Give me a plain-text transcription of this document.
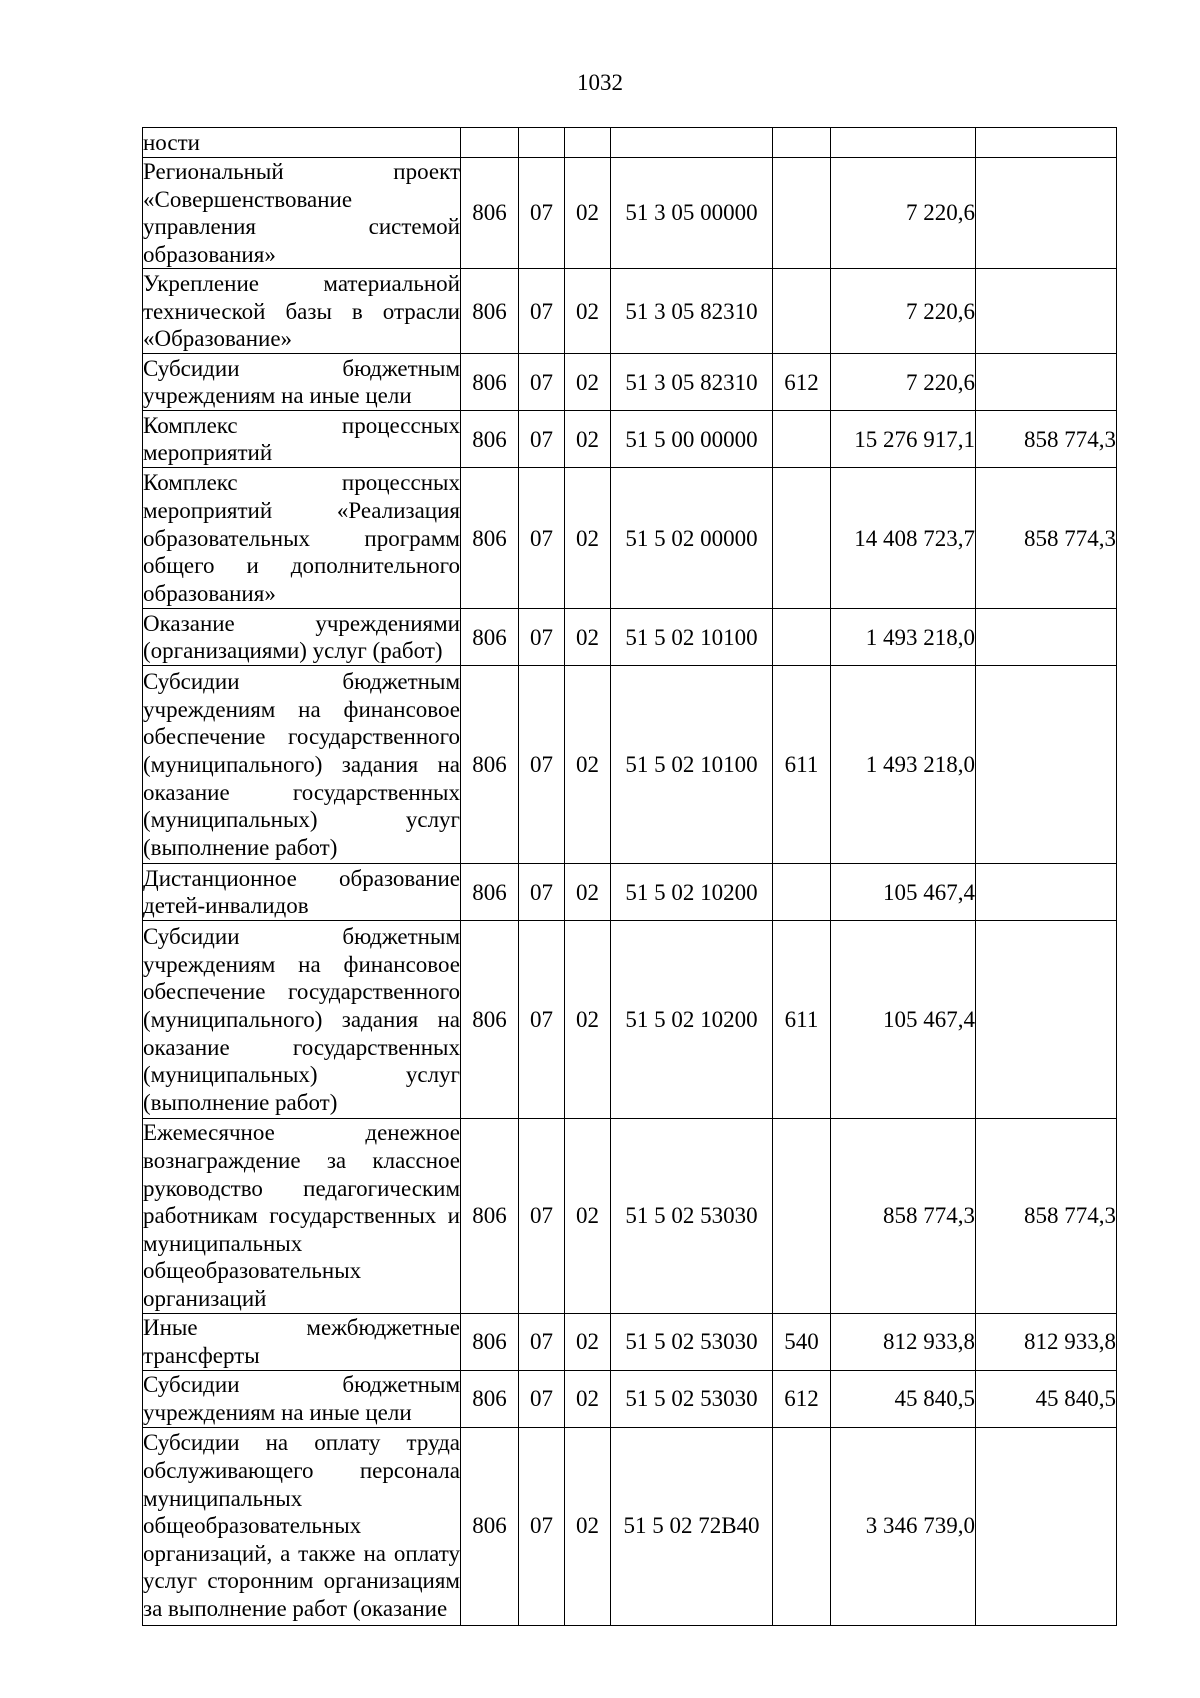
1032
ности							
Региональный проект «Совершенствование управления системой образования»	806	07	02	51 3 05 00000		7 220,6	
Укрепление материальной технической базы в отрасли «Образование»	806	07	02	51 3 05 82310		7 220,6	
Субсидии бюджетным учреждениям на иные цели	806	07	02	51 3 05 82310	612	7 220,6	
Комплекс процессных мероприятий	806	07	02	51 5 00 00000		15 276 917,1	858 774,3
Комплекс процессных мероприятий «Реализация образовательных программ общего и дополнительного образования»	806	07	02	51 5 02 00000		14 408 723,7	858 774,3
Оказание учреждениями (организациями) услуг (работ)	806	07	02	51 5 02 10100		1 493 218,0	
Субсидии бюджетным учреждениям на финансовое обеспечение государственного (муниципального) задания на оказание государственных (муниципальных) услуг (выполнение работ)	806	07	02	51 5 02 10100	611	1 493 218,0	
Дистанционное образование детей-инвалидов	806	07	02	51 5 02 10200		105 467,4	
Субсидии бюджетным учреждениям на финансовое обеспечение государственного (муниципального) задания на оказание государственных (муниципальных) услуг (выполнение работ)	806	07	02	51 5 02 10200	611	105 467,4	
Ежемесячное денежное вознаграждение за классное руководство педагогическим работникам государственных и муниципальных общеобразовательных организаций	806	07	02	51 5 02 53030		858 774,3	858 774,3
Иные межбюджетные трансферты	806	07	02	51 5 02 53030	540	812 933,8	812 933,8
Субсидии бюджетным учреждениям на иные цели	806	07	02	51 5 02 53030	612	45 840,5	45 840,5
Субсидии на оплату труда обслуживающего персонала муниципальных общеобразовательных организаций, а также на оплату услуг сторонним организациям за выполнение работ (оказание	806	07	02	51 5 02 72В40		3 346 739,0	
